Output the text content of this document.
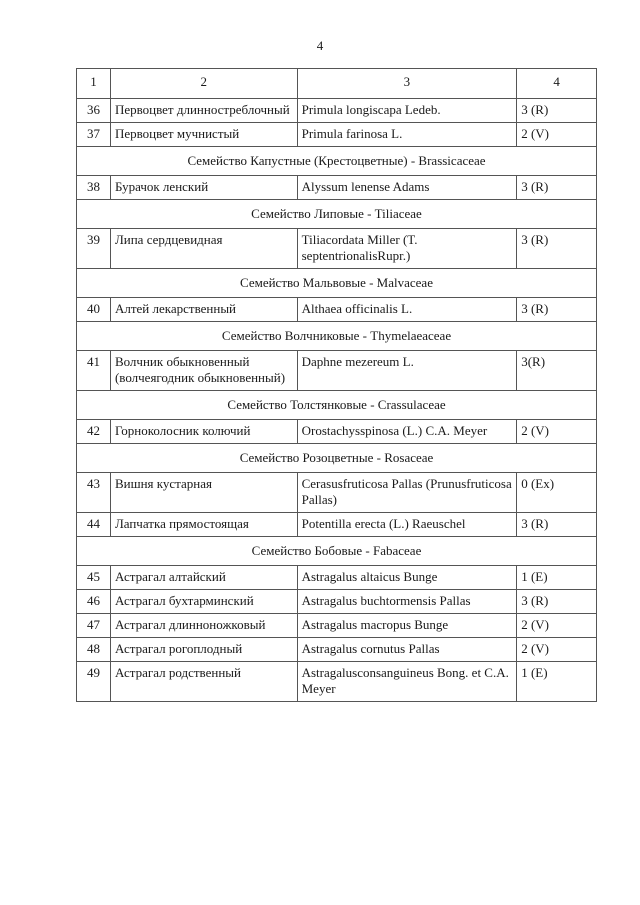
4
1	2	3	4
36	Первоцвет длинностреблочный	Primula longiscapa Ledeb.	3 (R)
37	Первоцвет мучнистый	Primula farinosa L.	2 (V)
Семейство Капустные (Крестоцветные) - Brassicaceae			
38	Бурачок ленский	Alyssum lenense Adams	3 (R)
Семейство Липовые - Tiliaceae			
39	Липа сердцевидная	Tiliacordata Miller (T. septentrionalisRupr.)	3 (R)
Семейство Мальвовые - Malvaceae			
40	Алтей лекарственный	Althaea officinalis L.	3 (R)
Семейство Волчниковые - Thymelaeaceae			
41	Волчник обыкновенный (волчеягодник обыкновенный)	Daphne mezereum L.	3(R)
Семейство Толстянковые - Crassulaceae			
42	Горноколосник колючий	Orostachysspinosa (L.) C.A. Meyer	2 (V)
Семейство Розоцветные - Rosaceae			
43	Вишня кустарная	Cerasusfruticosa Pallas (Prunusfruticosa Pallas)	0 (Ex)
44	Лапчатка прямостоящая	Potentilla erecta (L.) Raeuschel	3 (R)
Семейство Бобовые - Fabaceae			
45	Астрагал алтайский	Astragalus altaicus Bunge	1 (E)
46	Астрагал бухтарминский	Astragalus buchtormensis Pallas	3 (R)
47	Астрагал длинноножковый	Astragalus macropus Bunge	2 (V)
48	Астрагал рогоплодный	Astragalus cornutus Pallas	2 (V)
49	Астрагал родственный	Astragalusconsanguineus Bong. et C.A. Meyer	1 (E)
